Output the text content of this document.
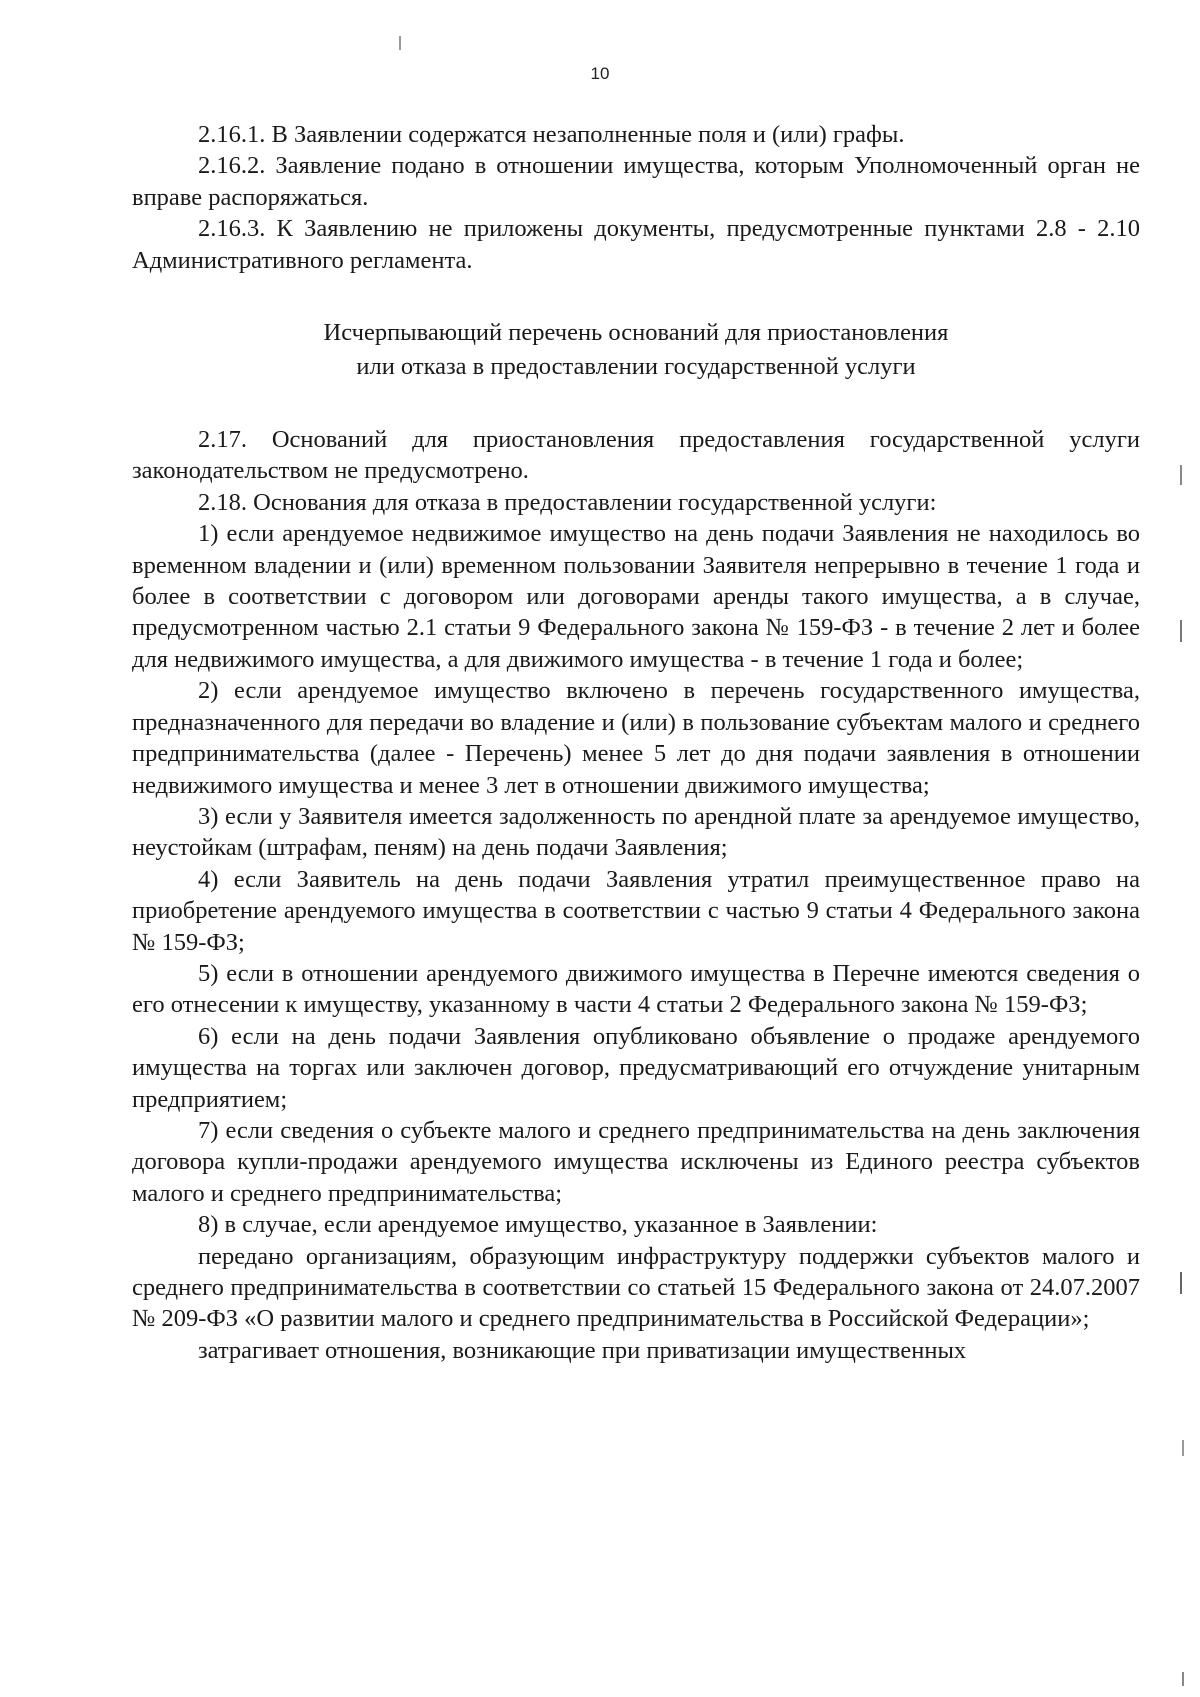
10

2.16.1. В Заявлении содержатся незаполненные поля и (или) графы.

2.16.2. Заявление подано в отношении имущества, которым Уполномоченный орган не вправе распоряжаться.

2.16.3. К Заявлению не приложены документы, предусмотренные пунктами 2.8 - 2.10 Административного регламента.

Исчерпывающий перечень оснований для приостановления
или отказа в предоставлении государственной услуги

2.17. Оснований для приостановления предоставления государственной услуги законодательством не предусмотрено.

2.18. Основания для отказа в предоставлении государственной услуги:

1) если арендуемое недвижимое имущество на день подачи Заявления не находилось во временном владении и (или) временном пользовании Заявителя непрерывно в течение 1 года и более в соответствии с договором или договорами аренды такого имущества, а в случае, предусмотренном частью 2.1 статьи 9 Федерального закона № 159-ФЗ - в течение 2 лет и более для недвижимого имущества, а для движимого имущества - в течение 1 года и более;

2) если арендуемое имущество включено в перечень государственного имущества, предназначенного для передачи во владение и (или) в пользование субъектам малого и среднего предпринимательства (далее - Перечень) менее 5 лет до дня подачи заявления в отношении недвижимого имущества и менее 3 лет в отношении движимого имущества;

3) если у Заявителя имеется задолженность по арендной плате за арендуемое имущество, неустойкам (штрафам, пеням) на день подачи Заявления;

4) если Заявитель на день подачи Заявления утратил преимущественное право на приобретение арендуемого имущества в соответствии с частью 9 статьи 4 Федерального закона № 159-ФЗ;

5) если в отношении арендуемого движимого имущества в Перечне имеются сведения о его отнесении к имуществу, указанному в части 4 статьи 2 Федерального закона № 159-ФЗ;

6) если на день подачи Заявления опубликовано объявление о продаже арендуемого имущества на торгах или заключен договор, предусматривающий его отчуждение унитарным предприятием;

7) если сведения о субъекте малого и среднего предпринимательства на день заключения договора купли-продажи арендуемого имущества исключены из Единого реестра субъектов малого и среднего предпринимательства;

8) в случае, если арендуемое имущество, указанное в Заявлении:

передано организациям, образующим инфраструктуру поддержки субъектов малого и среднего предпринимательства в соответствии со статьей 15 Федерального закона от 24.07.2007 № 209-ФЗ «О развитии малого и среднего предпринимательства в Российской Федерации»;

затрагивает отношения, возникающие при приватизации имущественных
